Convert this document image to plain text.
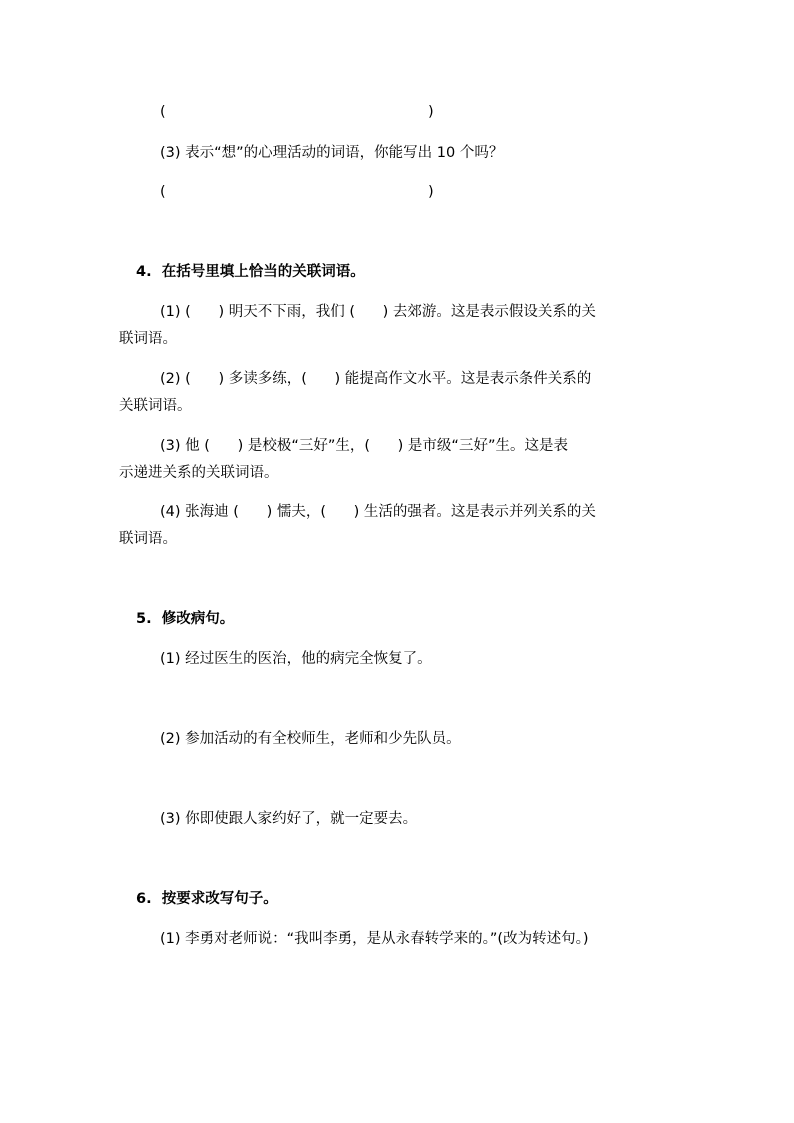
(	)
(3) 表示“想”的心理活动的词语，你能写出 10 个吗？
(	)
4.  在括号里填上恰当的关联词语。
(1) (      ) 明天不下雨，我们 (      ) 去郊游。这是表示假设关系的关
联词语。
(2) (      ) 多读多练，(      ) 能提高作文水平。这是表示条件关系的
关联词语。
(3) 他 (      ) 是校极“三好”生，(      ) 是市级“三好”生。这是表
示递进关系的关联词语。
(4) 张海迪 (      ) 懦夫，(      ) 生活的强者。这是表示并列关系的关
联词语。
5.  修改病句。
(1) 经过医生的医治，他的病完全恢复了。
(2) 参加活动的有全校师生，老师和少先队员。
(3) 你即使跟人家约好了，就一定要去。
6.  按要求改写句子。
(1) 李勇对老师说：“我叫李勇，是从永春转学来的。”(改为转述句。)
